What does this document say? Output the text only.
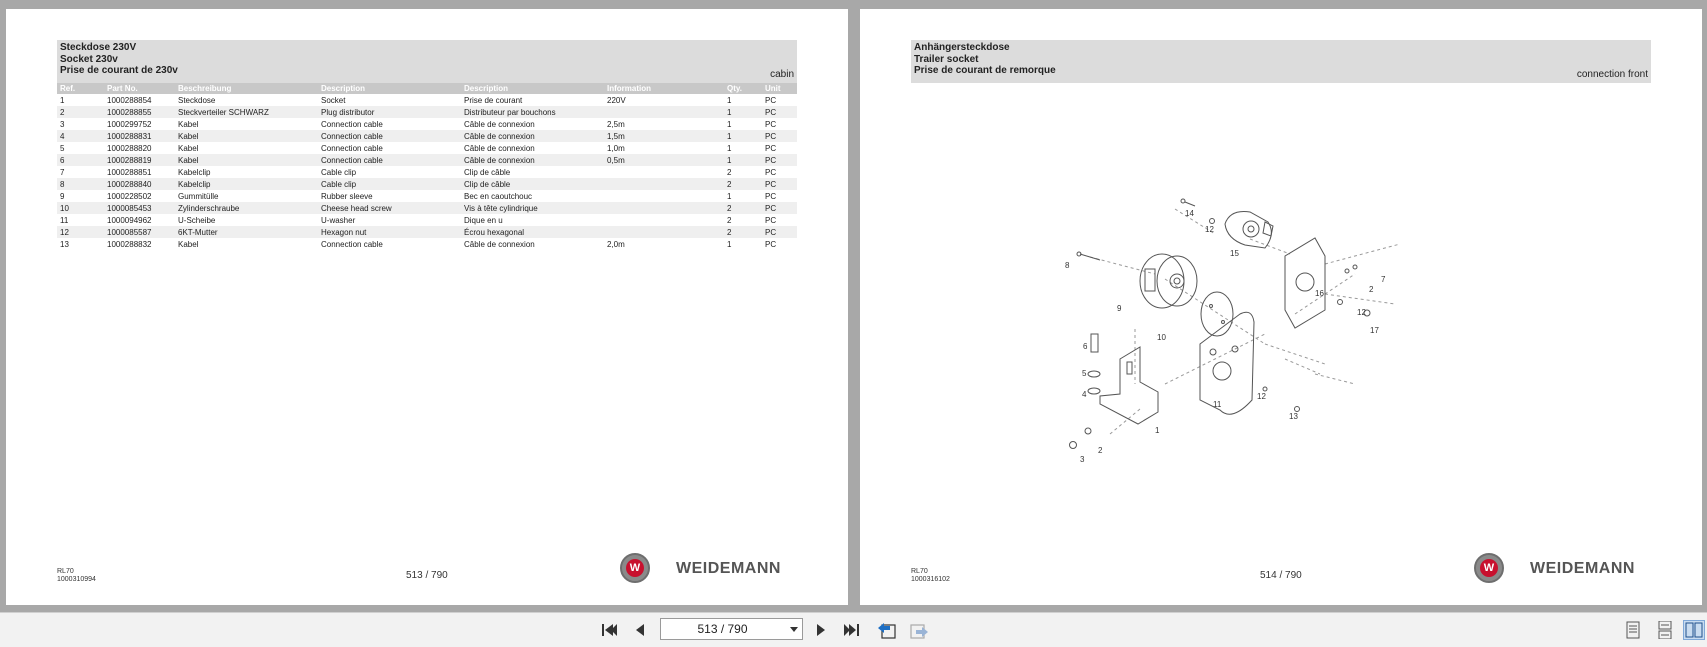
Steckdose 230V
Socket 230v
Prise de courant de 230v	cabin
Ref.	Part No.	Beschreibung	Description	Description	Information	Qty.	Unit
1	1000288854	Steckdose	Socket	Prise de courant	220V	1	PC
2	1000288855	Steckverteiler SCHWARZ	Plug distributor	Distributeur par bouchons		1	PC
3	1000299752	Kabel	Connection cable	Câble de connexion	2,5m	1	PC
4	1000288831	Kabel	Connection cable	Câble de connexion	1,5m	1	PC
5	1000288820	Kabel	Connection cable	Câble de connexion	1,0m	1	PC
6	1000288819	Kabel	Connection cable	Câble de connexion	0,5m	1	PC
7	1000288851	Kabelclip	Cable clip	Clip de câble		2	PC
8	1000288840	Kabelclip	Cable clip	Clip de câble		2	PC
9	1000228502	Gummitülle	Rubber sleeve	Bec en caoutchouc		1	PC
10	1000085453	Zylinderschraube	Cheese head screw	Vis à tête cylindrique		2	PC
11	1000094962	U-Scheibe	U-washer	Dique en u		2	PC
12	1000085587	6KT-Mutter	Hexagon nut	Écrou hexagonal		2	PC
13	1000288832	Kabel	Connection cable	Câble de connexion	2,0m	1	PC
RL70
1000310994	513 / 790
W WEIDEMANN
Anhängersteckdose
Trailer socket
Prise de courant de remorque	connection front
14
12
15
8
16	2
7
9	12
17
10
6
11
5
12
4
13
1
2
3
RL70
1000316102	514 / 790
W WEIDEMANN
513 / 790
